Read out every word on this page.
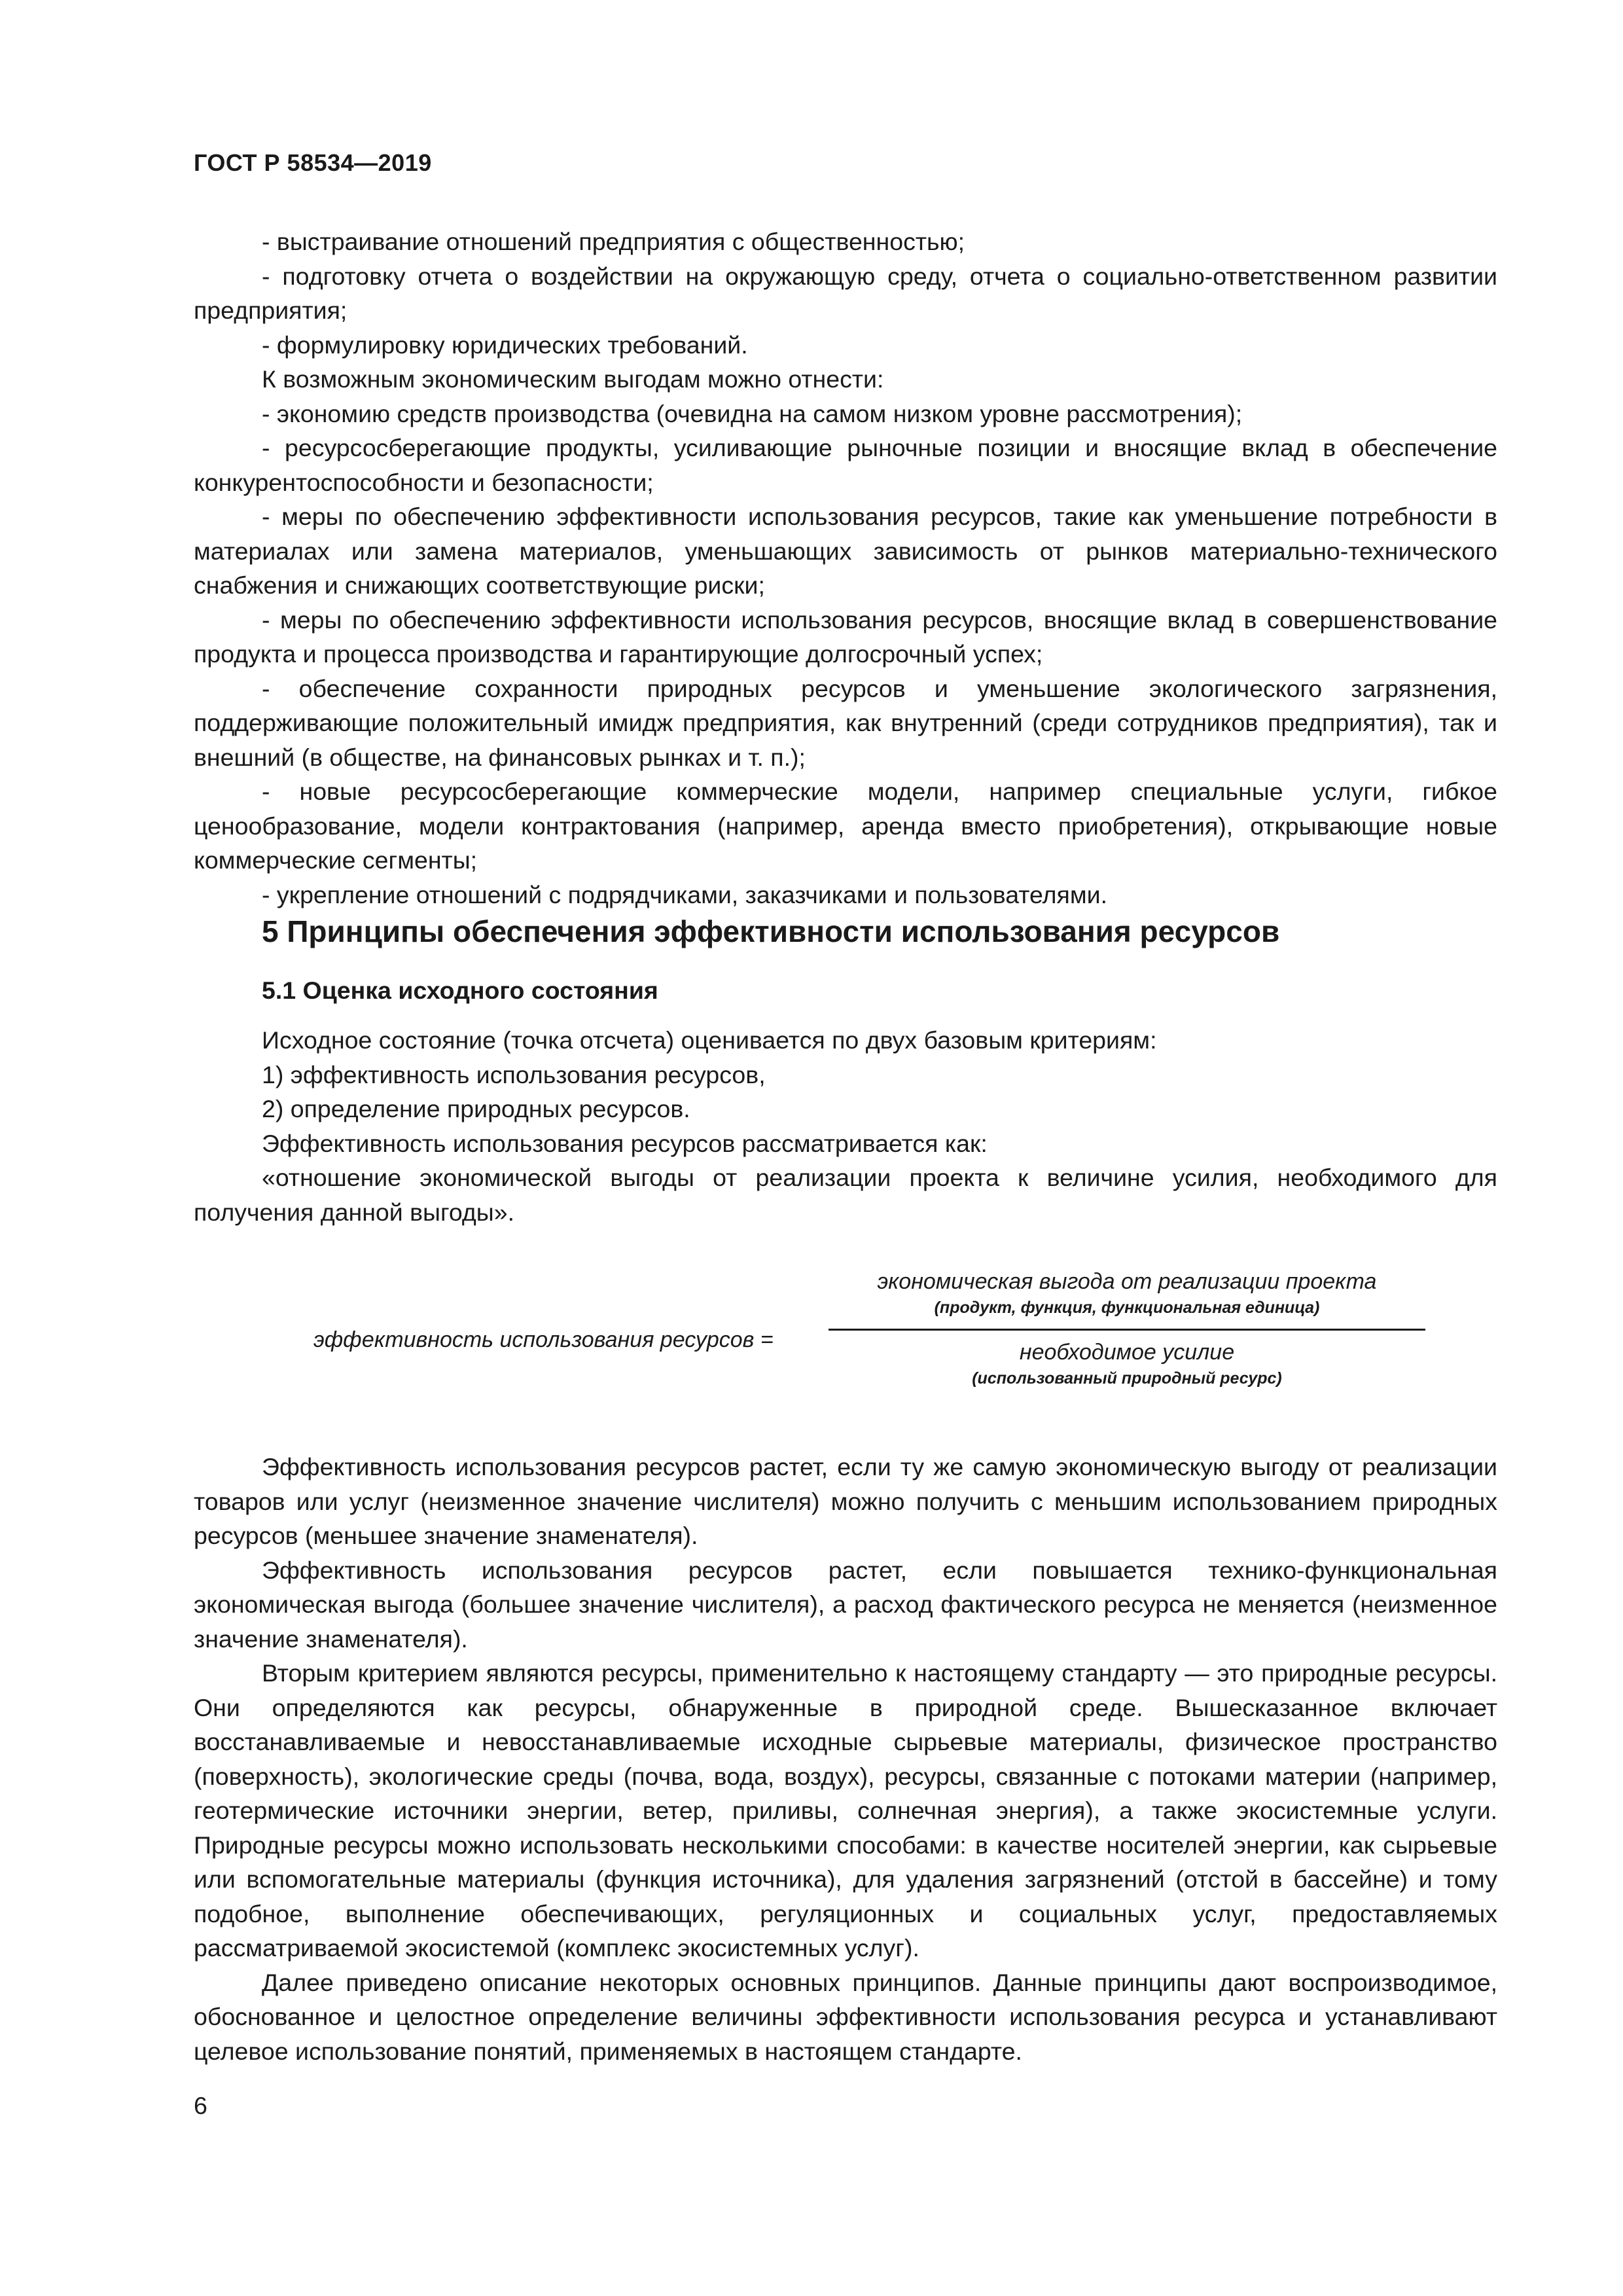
ГОСТ Р 58534—2019

- выстраивание отношений предприятия с общественностью;

- подготовку отчета о воздействии на окружающую среду, отчета о социально-ответственном развитии предприятия;

- формулировку юридических требований.

К возможным экономическим выгодам можно отнести:

- экономию средств производства (очевидна на самом низком уровне рассмотрения);

- ресурсосберегающие продукты, усиливающие рыночные позиции и вносящие вклад в обеспечение конкурентоспособности и безопасности;

- меры по обеспечению эффективности использования ресурсов, такие как уменьшение потребности в материалах или замена материалов, уменьшающих зависимость от рынков материально-технического снабжения и снижающих соответствующие риски;

- меры по обеспечению эффективности использования ресурсов, вносящие вклад в совершенствование продукта и процесса производства и гарантирующие долгосрочный успех;

- обеспечение сохранности природных ресурсов и уменьшение экологического загрязнения, поддерживающие положительный имидж предприятия, как внутренний (среди сотрудников предприятия), так и внешний (в обществе, на финансовых рынках и т. п.);

- новые ресурсосберегающие коммерческие модели, например специальные услуги, гибкое ценообразование, модели контрактования (например, аренда вместо приобретения), открывающие новые коммерческие сегменты;

- укрепление отношений с подрядчиками, заказчиками и пользователями.

5 Принципы обеспечения эффективности использования ресурсов
5.1 Оценка исходного состояния

Исходное состояние (точка отсчета) оценивается по двух базовым критериям:

1) эффективность использования ресурсов,

2) определение природных ресурсов.

Эффективность использования ресурсов рассматривается как:

«отношение экономической выгоды от реализации проекта к величине усилия, необходимого для получения данной выгоды».

эффективность использования ресурсов =
экономическая выгода от реализации проекта
(продукт, функция, функциональная единица)
необходимое усилие
(использованный природный ресурс)

Эффективность использования ресурсов растет, если ту же самую экономическую выгоду от реализации товаров или услуг (неизменное значение числителя) можно получить с меньшим использованием природных ресурсов (меньшее значение знаменателя).

Эффективность использования ресурсов растет, если повышается технико-функциональная экономическая выгода (большее значение числителя), а расход фактического ресурса не меняется (неизменное значение знаменателя).

Вторым критерием являются ресурсы, применительно к настоящему стандарту — это природные ресурсы. Они определяются как ресурсы, обнаруженные в природной среде. Вышесказанное включает восстанавливаемые и невосстанавливаемые исходные сырьевые материалы, физическое пространство (поверхность), экологические среды (почва, вода, воздух), ресурсы, связанные с потоками материи (например, геотермические источники энергии, ветер, приливы, солнечная энергия), а также экосистемные услуги. Природные ресурсы можно использовать несколькими способами: в качестве носителей энергии, как сырьевые или вспомогательные материалы (функция источника), для удаления загрязнений (отстой в бассейне) и тому подобное, выполнение обеспечивающих, регуляционных и социальных услуг, предоставляемых рассматриваемой экосистемой (комплекс экосистемных услуг).

Далее приведено описание некоторых основных принципов. Данные принципы дают воспроизводимое, обоснованное и целостное определение величины эффективности использования ресурса и устанавливают целевое использование понятий, применяемых в настоящем стандарте.

6
